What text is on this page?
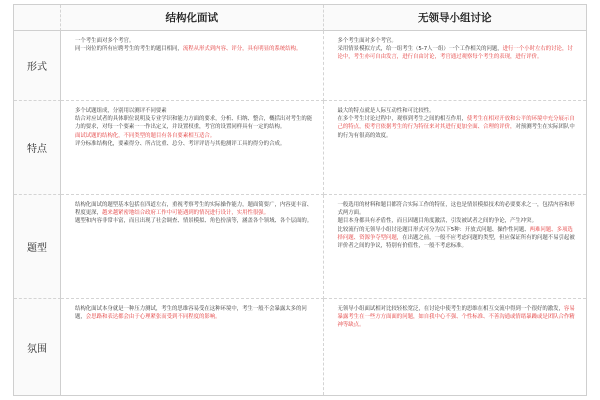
结构化面试	无领导小组讨论
形式

一个考生面对多个考官。

同一岗位的所有应聘考生的考生的题目相同，流程从形式到内容、评分，具有明显的系统结构。

多个考生面对多个考官。

采用情景模拟方式，给一组考生（5-7人一组）一个工作相关的问题，进行一个小时左右的讨论，讨论中，考生亦可自由发言，进行自由讨论，考官通过观察每个考生的表现，进行评价。

特点

多个试题组成，分别用以测评不同要素

结合对应试者的具体职位说明及专业学识和能力方面的要求，分析、归纳、整合，概括出对考生的能力的要求，对每一个要素一一作出定义，并设置权重，考官的设置同样具有一定的结构。

面试试题的结构化，不同类型的题目有各自要素相互适合。

评分标准结构化，要素得分、所占比重、总分、考评评语与其他测评工具的得分的合成。

最大的特点就是人际互动性和可比较性。

在多个考生讨论过程中，观察到考生之间的相互作用，使考生在相对开放和公平的环境中充分展示自己的特点，使考官依据考生的行为特征来对其进行更加全面、合理的评价，对预测考生在实际团队中的行为有很高的效度。

题型

结构化面试的题型基本包括在四道左右，重视考察考生的实际操作能力，题面简要广，内容更丰富、程度更深，越来越紧密地结合政府工作中可能遇到的情况进行设计，实用性很强。

题型和内容非常丰富，而且出现了社会调查、情景模拟、角色扮演等，涵盖各个领域、各个层面的。

一般选用的材料和题目都符合实际工作的特征，这也是情景模拟技术的必要要求之一，包括内容和形式两方面。

题目本身都具有矛盾性，而且因题目角度激活，引发被试者之间的争论，产生冲突。

比较流行的无领导小组讨论题目形式可分为以下5种：开放式问题、操作性问题、两难问题、多项选择问题、资源争夺型问题，在出题之前，一般不应考虑问题的类型，但应保证所有的问题不易引起被评价者之间的争议，特别有价值性，一般不考虑标准。

氛围

结构化面试本身就是一种压力测试，考生的思维容易受在这种环境中，考生一般不会暴露太多的问题，会思路和表达都会由于心理紧张而受到不同程度的影响。

无领导小组面试相对比较轻松宽泛，在讨论中使考生的思维在相互交流中得到一个很好的激发，容易暴露考生在一些方方面面的问题，如自我中心不强、个性标准、不善沟通或情绪暴躁或是团队合作精神等缺点。
